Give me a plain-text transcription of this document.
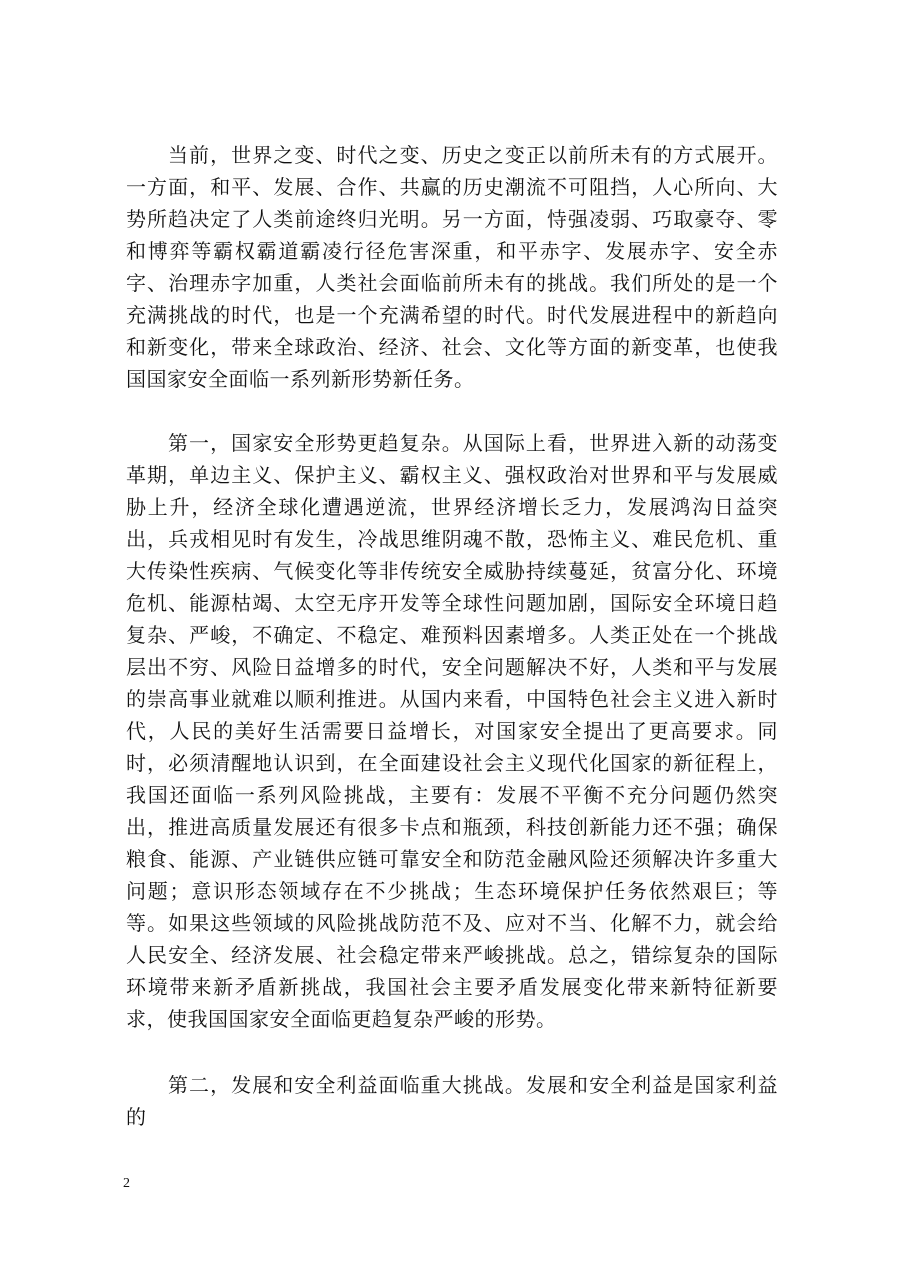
当前，世界之变、时代之变、历史之变正以前所未有的方式展开。一方面，和平、发展、合作、共赢的历史潮流不可阻挡，人心所向、大势所趋决定了人类前途终归光明。另一方面，恃强凌弱、巧取豪夺、零和博弈等霸权霸道霸凌行径危害深重，和平赤字、发展赤字、安全赤字、治理赤字加重，人类社会面临前所未有的挑战。我们所处的是一个充满挑战的时代，也是一个充满希望的时代。时代发展进程中的新趋向和新变化，带来全球政治、经济、社会、文化等方面的新变革，也使我国国家安全面临一系列新形势新任务。

第一，国家安全形势更趋复杂。从国际上看，世界进入新的动荡变革期，单边主义、保护主义、霸权主义、强权政治对世界和平与发展威胁上升，经济全球化遭遇逆流，世界经济增长乏力，发展鸿沟日益突出，兵戎相见时有发生，冷战思维阴魂不散，恐怖主义、难民危机、重大传染性疾病、气候变化等非传统安全威胁持续蔓延，贫富分化、环境危机、能源枯竭、太空无序开发等全球性问题加剧，国际安全环境日趋复杂、严峻，不确定、不稳定、难预料因素增多。人类正处在一个挑战层出不穷、风险日益增多的时代，安全问题解决不好，人类和平与发展的崇高事业就难以顺利推进。从国内来看，中国特色社会主义进入新时代，人民的美好生活需要日益增长，对国家安全提出了更高要求。同时，必须清醒地认识到，在全面建设社会主义现代化国家的新征程上，我国还面临一系列风险挑战，主要有：发展不平衡不充分问题仍然突出，推进高质量发展还有很多卡点和瓶颈，科技创新能力还不强；确保粮食、能源、产业链供应链可靠安全和防范金融风险还须解决许多重大问题；意识形态领域存在不少挑战；生态环境保护任务依然艰巨；等等。如果这些领域的风险挑战防范不及、应对不当、化解不力，就会给人民安全、经济发展、社会稳定带来严峻挑战。总之，错综复杂的国际环境带来新矛盾新挑战，我国社会主要矛盾发展变化带来新特征新要求，使我国国家安全面临更趋复杂严峻的形势。

第二，发展和安全利益面临重大挑战。发展和安全利益是国家利益的

2
